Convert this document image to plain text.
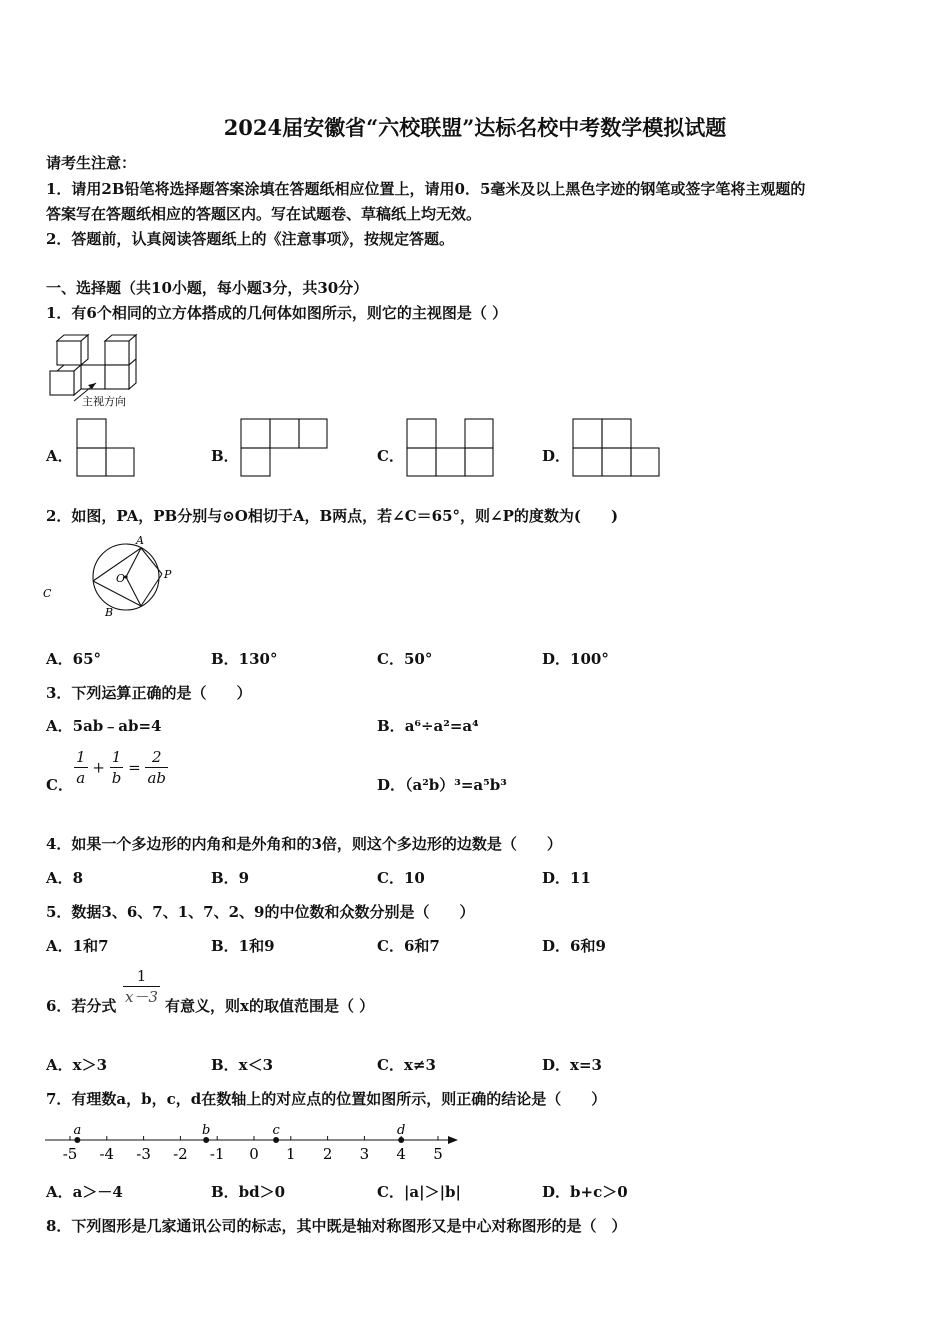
2024届安徽省“六校联盟”达标名校中考数学模拟试题
请考生注意：
1．请用2B铅笔将选择题答案涂填在答题纸相应位置上，请用0．5毫米及以上黑色字迹的钢笔或签字笔将主观题的
答案写在答题纸相应的答题区内。写在试题卷、草稿纸上均无效。
2．答题前，认真阅读答题纸上的《注意事项》，按规定答题。
一、选择题（共10小题，每小题3分，共30分）
1．有6个相同的立方体搭成的几何体如图所示，则它的主视图是（ ）
主视方向
A．	B．	C．	D．
2．如图，PA，PB分别与⊙O相切于A，B两点，若∠C＝65°，则∠P的度数为(　　)
A
O	P
C
B
A．65°	B．130°	C．50°	D．100°
3．下列运算正确的是（　　）
A．5ab﹣ab=4	B．a⁶÷a²=a⁴
C． $\frac{1}{a} + \frac{1}{b} = \frac{2}{ab}$	D．（a²b）³=a⁵b³
4．如果一个多边形的内角和是外角和的3倍，则这个多边形的边数是（　　）
A．8	B．9	C．10	D．11
5．数据3、6、7、1、7、2、9的中位数和众数分别是（　　）
A．1和7	B．1和9	C．6和7	D．6和9
6．若分式 $\frac{1}{x-3}$ 有意义，则x的取值范围是（ ）
A．x＞3	B．x＜3	C．x≠3	D．x=3
7．有理数a，b，c，d在数轴上的对应点的位置如图所示，则正确的结论是（　　）
-5 -4 -3 -2 -1 0 1 2 3 4 5
a	b	c	d
A．a＞－4	B．bd＞0	C．|a|＞|b|	D．b+c＞0
8．下列图形是几家通讯公司的标志，其中既是轴对称图形又是中心对称图形的是（　）
